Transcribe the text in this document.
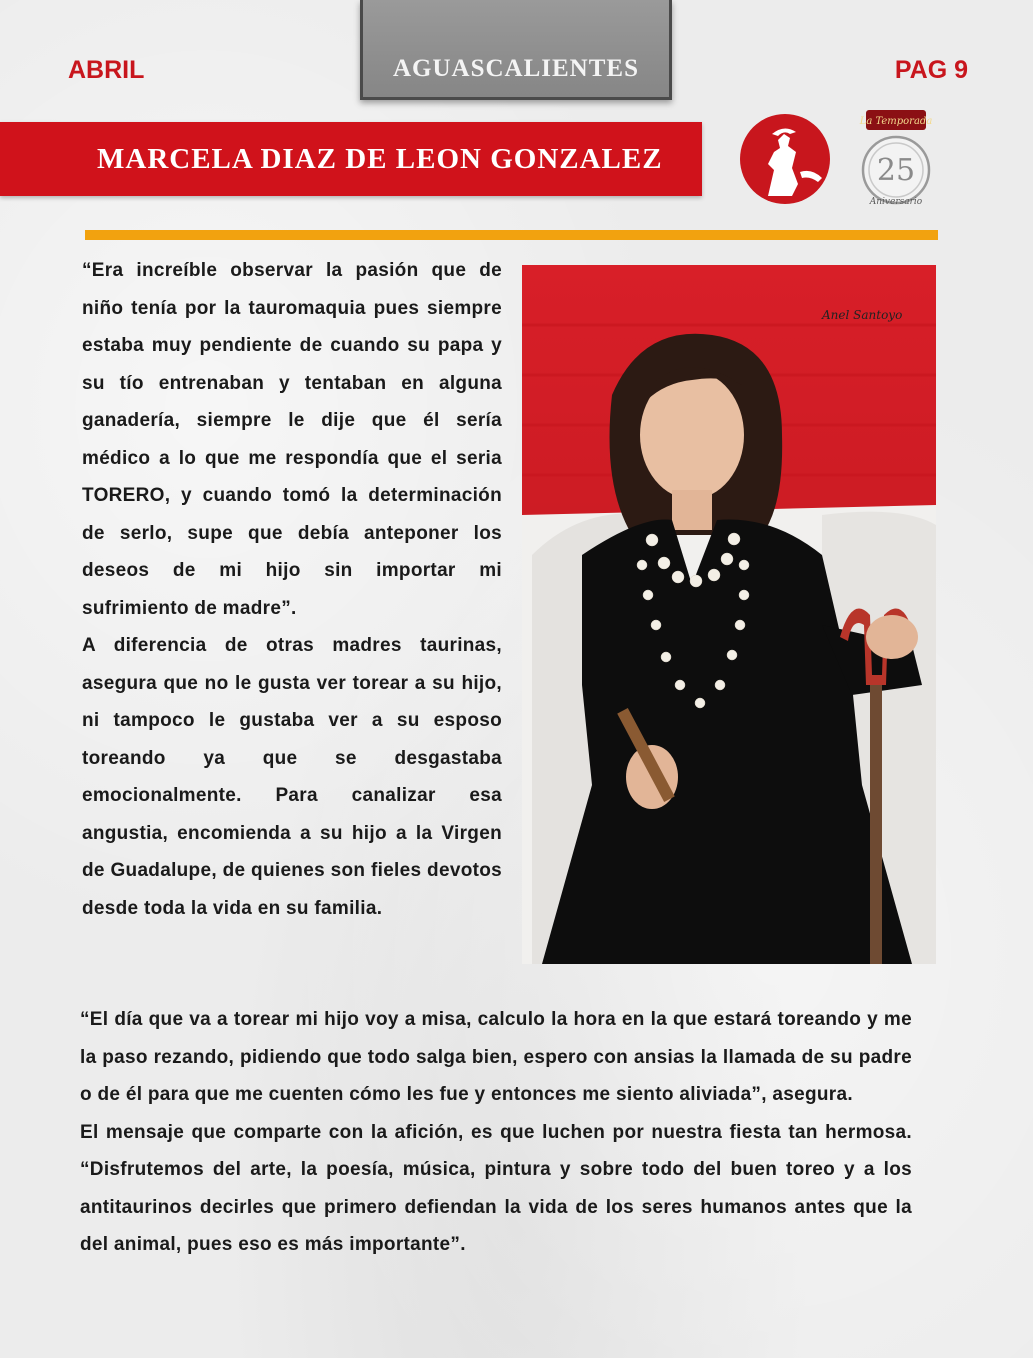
ABRIL	AGUASCALIENTES	PAG 9
MARCELA DIAZ DE LEON GONZALEZ
La Temporada
25
Aniversario

“Era increíble observar la pasión que de niño tenía por la tauromaquia pues siempre estaba muy pendiente de cuando su papa y su tío entrenaban y tentaban en alguna ganadería, siempre le dije que él sería médico a lo que me respondía que el seria TORERO, y cuando tomó la determinación de serlo, supe que debía anteponer los deseos de mi hijo sin importar mi sufrimiento de madre”.

A diferencia de otras madres taurinas, asegura que no le gusta ver torear a su hijo, ni tampoco le gustaba ver a su esposo toreando ya que se desgastaba emocionalmente. Para canalizar esa angustia, encomienda a su hijo a la Virgen de Guadalupe, de quienes son fieles devotos desde toda la vida en su familia.

Anel Santoyo

“El día que va a torear mi hijo voy a misa, calculo la hora en la que estará toreando y me la paso rezando, pidiendo que todo salga bien, espero con ansias la llamada de su padre o de él para que me cuenten cómo les fue y entonces me siento aliviada”, asegura.

El mensaje que comparte con la afición, es que luchen por nuestra fiesta tan hermosa. “Disfrutemos del arte, la poesía, música, pintura y sobre todo del buen toreo y a los antitaurinos decirles que primero defiendan la vida de los seres humanos antes que la del animal, pues eso es más importante”.
